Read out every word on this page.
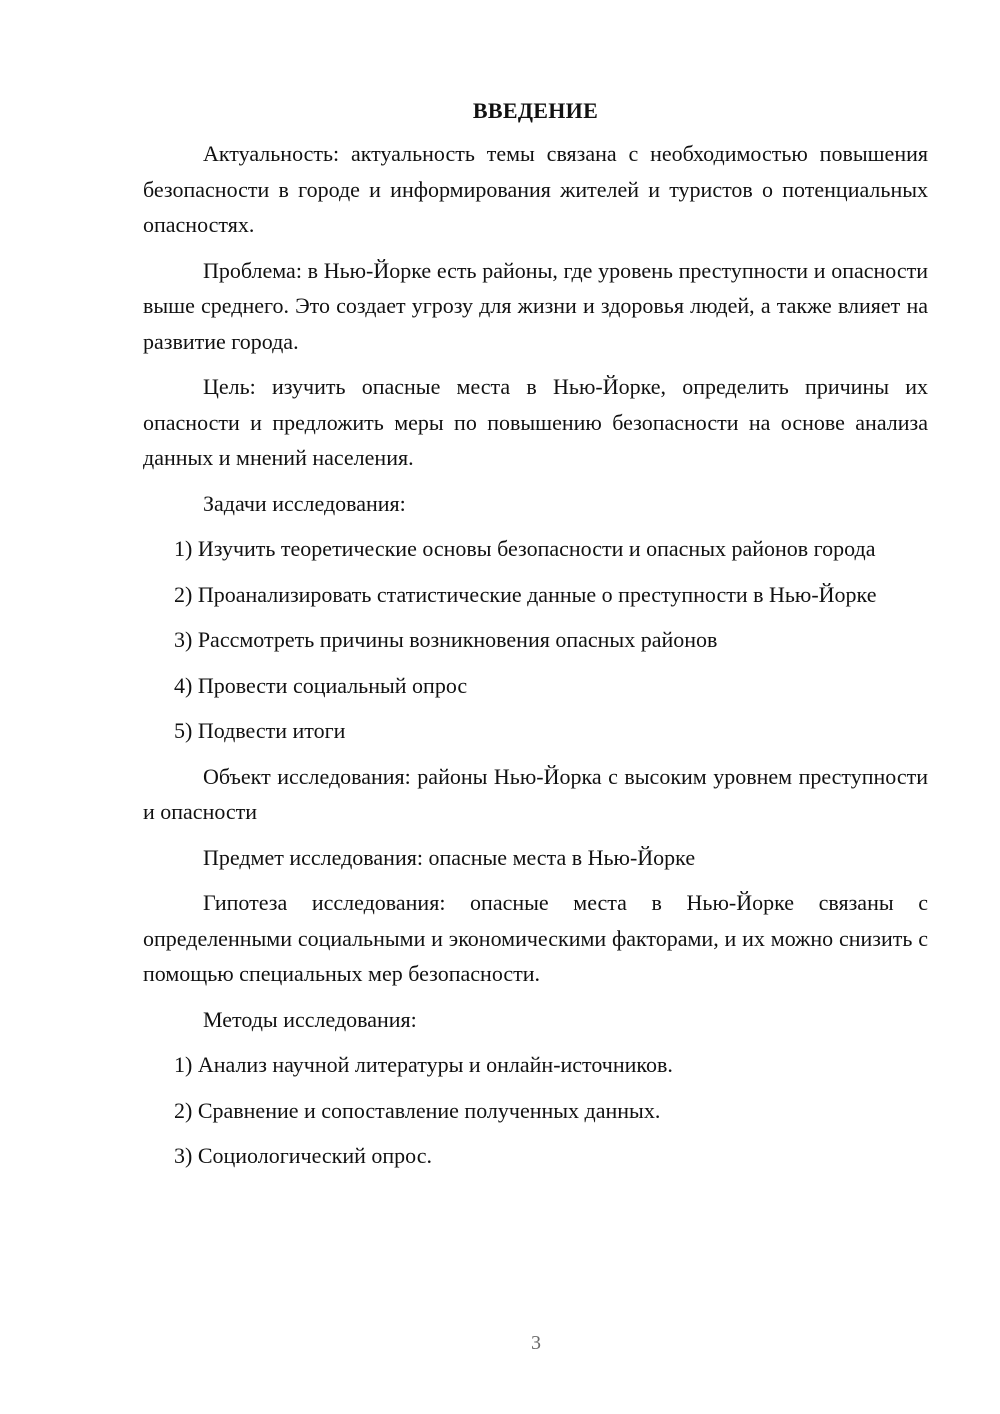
ВВЕДЕНИЕ

Актуальность: актуальность темы связана с необходимостью повышения безопасности в городе и информирования жителей и туристов о потенциальных опасностях.

Проблема: в Нью-Йорке есть районы, где уровень преступности и опасности выше среднего. Это создает угрозу для жизни и здоровья людей, а также влияет на развитие города.

Цель: изучить опасные места в Нью-Йорке, определить причины их опасности и предложить меры по повышению безопасности на основе анализа данных и мнений населения.

Задачи исследования:

1) Изучить теоретические основы безопасности и опасных районов города

2) Проанализировать статистические данные о преступности в Нью-Йорке

3) Рассмотреть причины возникновения опасных районов

4) Провести социальный опрос

5) Подвести итоги

Объект исследования: районы Нью-Йорка с высоким уровнем преступности и опасности

Предмет исследования: опасные места в Нью-Йорке

Гипотеза исследования: опасные места в Нью-Йорке связаны с определенными социальными и экономическими факторами, и их можно снизить с помощью специальных мер безопасности.

Методы исследования:

1) Анализ научной литературы и онлайн-источников.

2) Сравнение и сопоставление полученных данных.

3) Социологический опрос.

3
